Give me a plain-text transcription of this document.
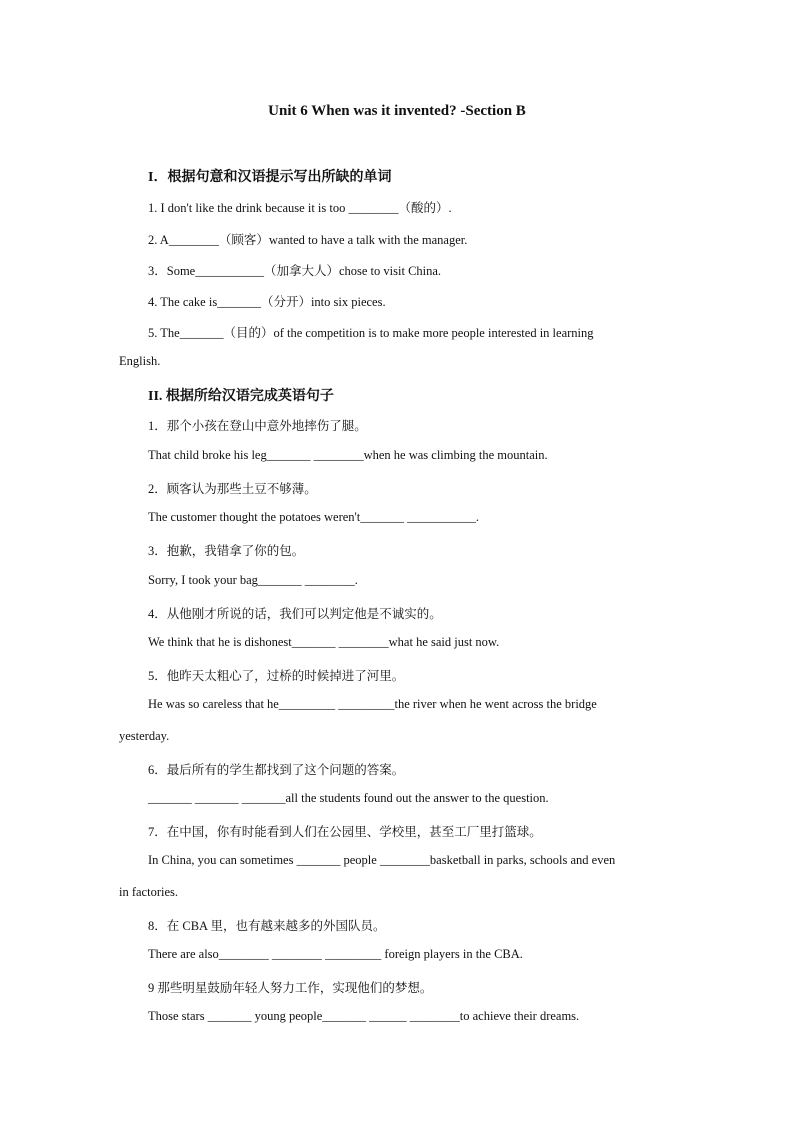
Unit 6 When was it invented? -Section B
I．根据句意和汉语提示写出所缺的单词
1. I don't like the drink because it is too ________（酸的）.
2. A________（顾客）wanted to have a talk with the manager.
3．Some___________（加拿大人）chose to visit China.
4. The cake is_______（分开）into six pieces.
5. The_______（目的）of the competition is to make more people interested in learning
English.
II. 根据所给汉语完成英语句子
1．那个小孩在登山中意外地摔伤了腿。
That child broke his leg_______ ________when he was climbing the mountain.
2．顾客认为那些土豆不够薄。
The customer thought the potatoes weren't_______ ___________.
3．抱歉，我错拿了你的包。
Sorry, I took your bag_______ ________.
4．从他刚才所说的话，我们可以判定他是不诚实的。
We think that he is dishonest_______ ________what he said just now.
5．他昨天太粗心了，过桥的时候掉进了河里。
He was so careless that he_________ _________the river when he went across the bridge
yesterday.
6．最后所有的学生都找到了这个问题的答案。
_______ _______ _______all the students found out the answer to the question.
7．在中国，你有时能看到人们在公园里、学校里，甚至工厂里打篮球。
In China, you can sometimes _______ people ________basketball in parks, schools and even
in factories.
8．在 CBA 里，也有越来越多的外国队员。
There are also________ ________ _________ foreign players in the CBA.
9 那些明星鼓励年轻人努力工作，实现他们的梦想。
Those stars _______ young people_______ ______ ________to achieve their dreams.
